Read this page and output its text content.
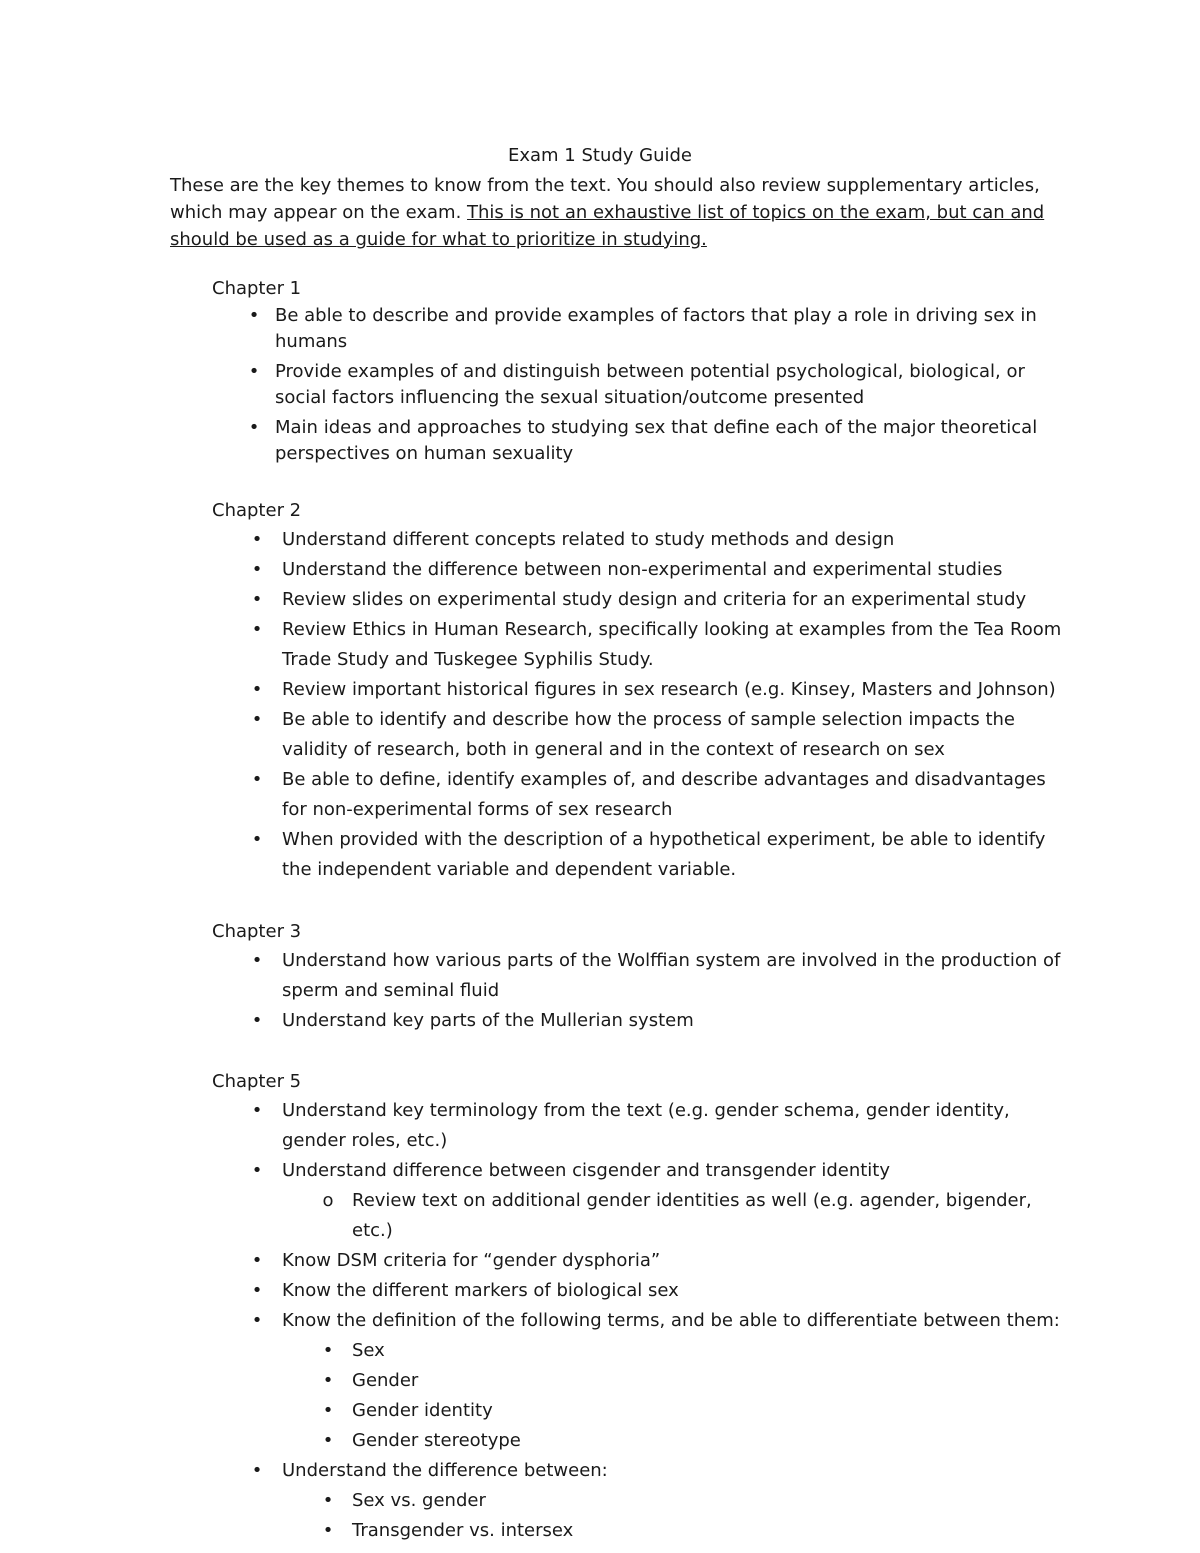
Exam 1 Study Guide
These are the key themes to know from the text. You should also review supplementary articles, which may appear on the exam. This is not an exhaustive list of topics on the exam, but can and should be used as a guide for what to prioritize in studying.
Chapter 1
• Be able to describe and provide examples of factors that play a role in driving sex in humans
• Provide examples of and distinguish between potential psychological, biological, or social factors influencing the sexual situation/outcome presented
• Main ideas and approaches to studying sex that define each of the major theoretical perspectives on human sexuality
Chapter 2
• Understand different concepts related to study methods and design
• Understand the difference between non-experimental and experimental studies
• Review slides on experimental study design and criteria for an experimental study
• Review Ethics in Human Research, specifically looking at examples from the Tea Room Trade Study and Tuskegee Syphilis Study.
• Review important historical figures in sex research (e.g. Kinsey, Masters and Johnson)
• Be able to identify and describe how the process of sample selection impacts the validity of research, both in general and in the context of research on sex
• Be able to define, identify examples of, and describe advantages and disadvantages for non-experimental forms of sex research
• When provided with the description of a hypothetical experiment, be able to identify the independent variable and dependent variable.
Chapter 3
• Understand how various parts of the Wolffian system are involved in the production of sperm and seminal fluid
• Understand key parts of the Mullerian system
Chapter 5
• Understand key terminology from the text (e.g. gender schema, gender identity, gender roles, etc.)
• Understand difference between cisgender and transgender identity
o Review text on additional gender identities as well (e.g. agender, bigender, etc.)
• Know DSM criteria for “gender dysphoria”
• Know the different markers of biological sex
• Know the definition of the following terms, and be able to differentiate between them:
• Sex
• Gender
• Gender identity
• Gender stereotype
• Understand the difference between:
• Sex vs. gender
• Transgender vs. intersex
